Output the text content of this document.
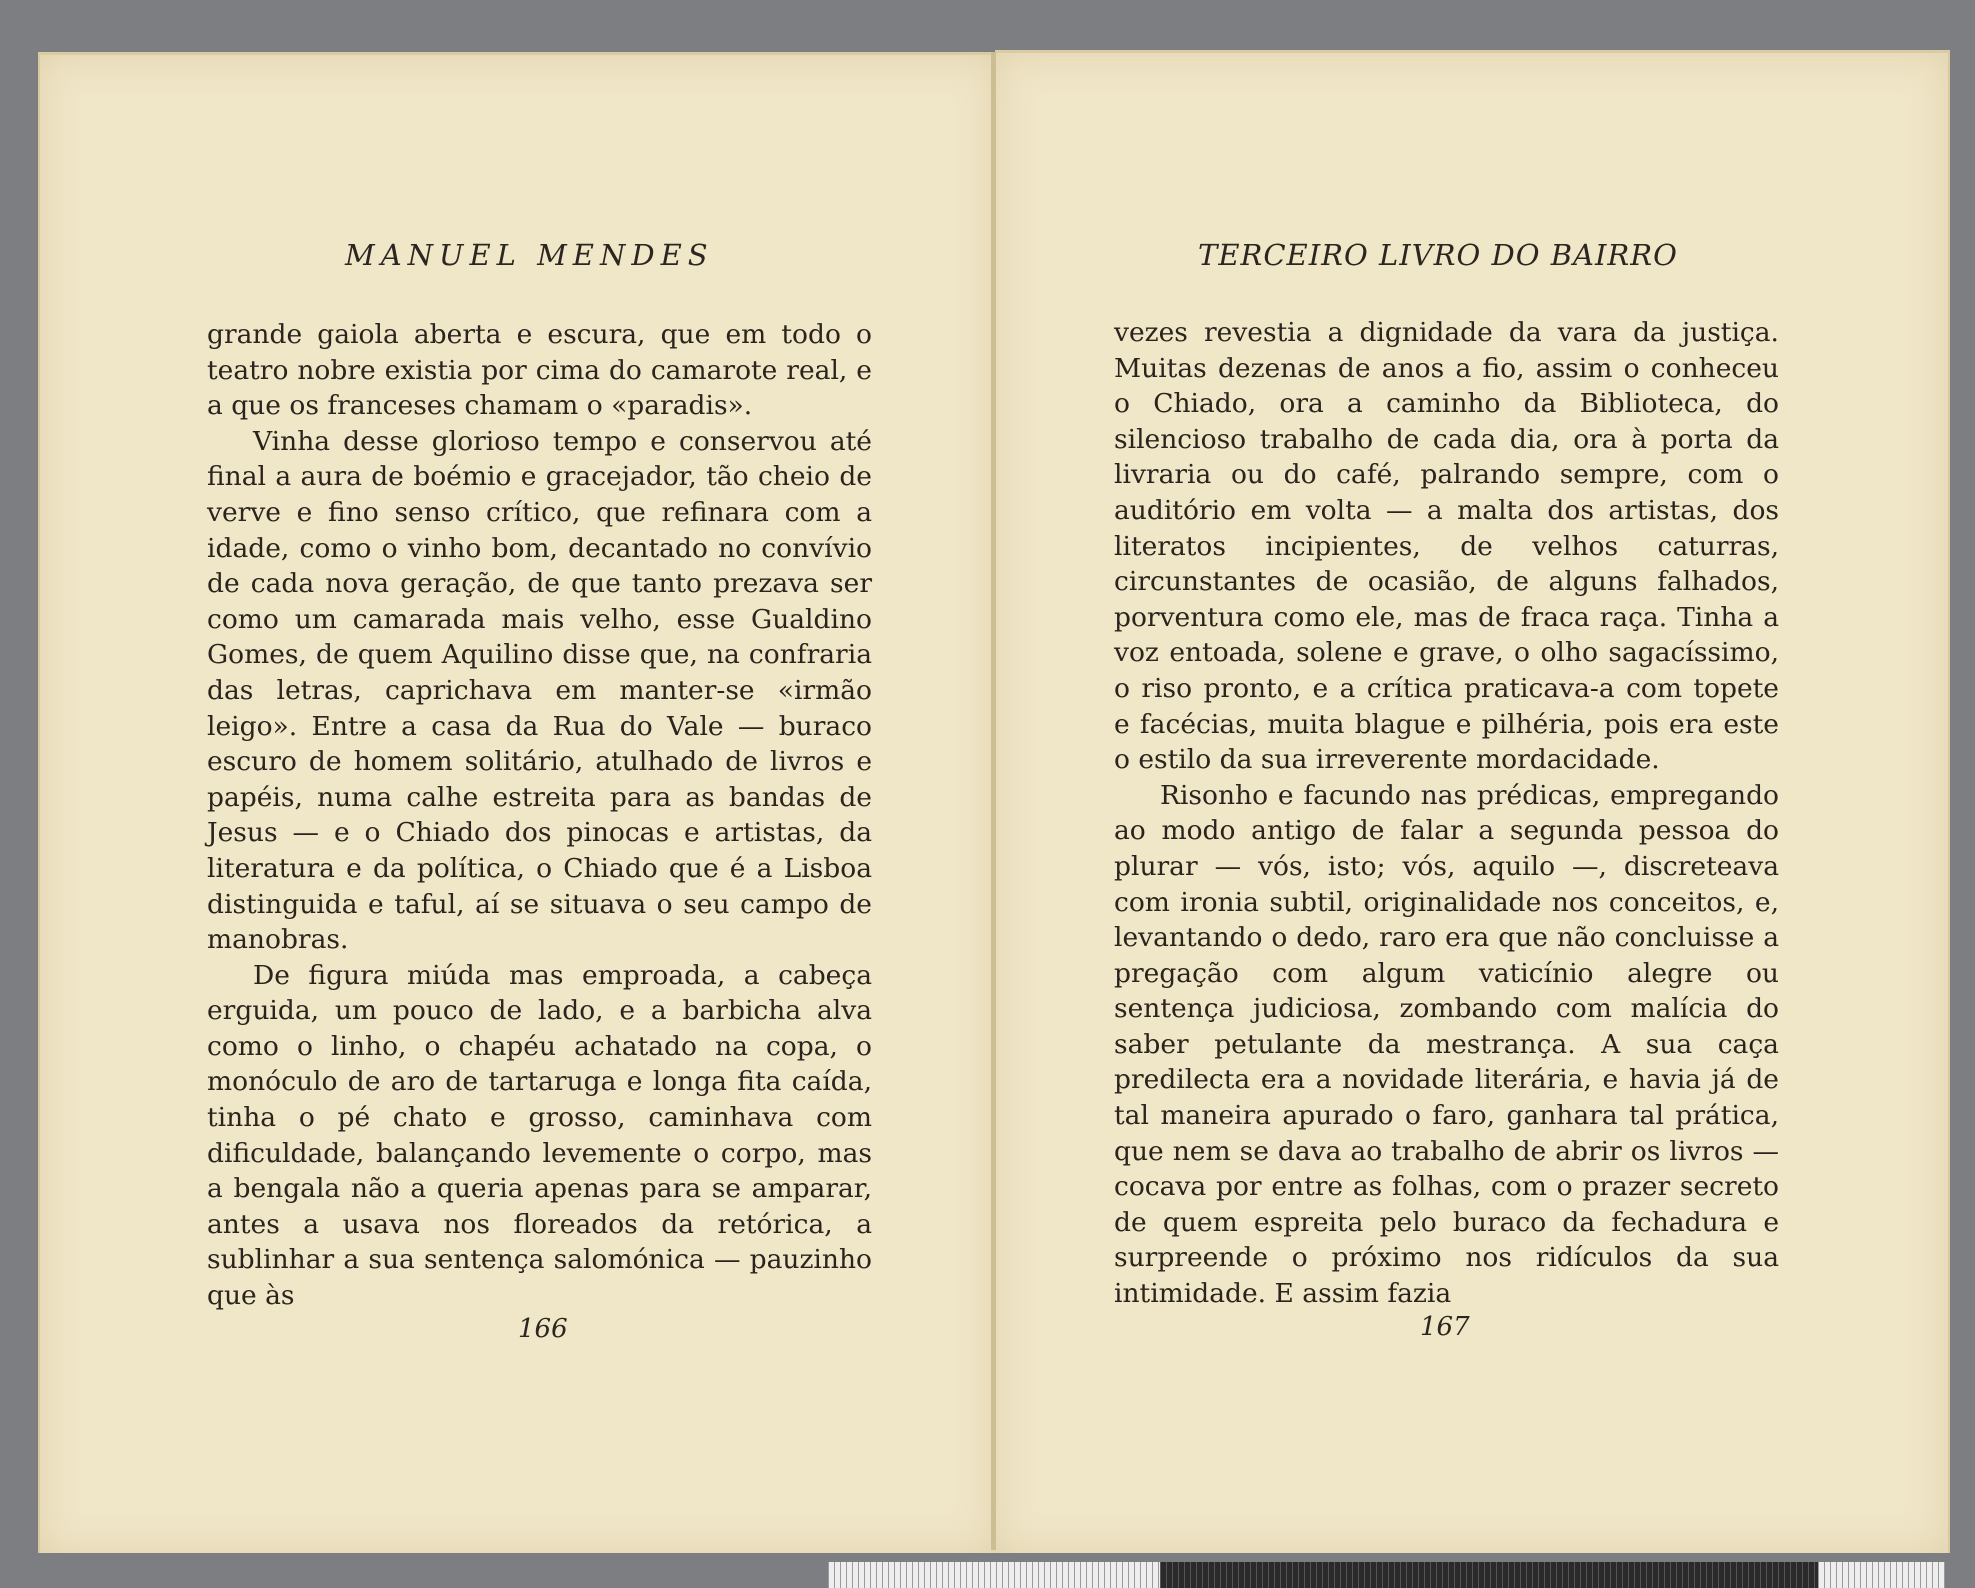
MANUEL MENDES	TERCEIRO LIVRO DO BAIRRO

grande gaiola aberta e escura, que em todo o teatro nobre existia por cima do camarote real, e a que os franceses chamam o «paradis».

Vinha desse glorioso tempo e conservou até final a aura de boémio e gracejador, tão cheio de verve e fino senso crítico, que refinara com a idade, como o vinho bom, decantado no convívio de cada nova geração, de que tanto prezava ser como um camarada mais velho, esse Gualdino Gomes, de quem Aquilino disse que, na confraria das letras, caprichava em manter-se «irmão leigo». Entre a casa da Rua do Vale — buraco escuro de homem solitário, atulhado de livros e papéis, numa calhe estreita para as bandas de Jesus — e o Chiado dos pinocas e artistas, da literatura e da política, o Chiado que é a Lisboa distinguida e taful, aí se situava o seu campo de manobras.

De figura miúda mas emproada, a cabeça erguida, um pouco de lado, e a barbicha alva como o linho, o chapéu achatado na copa, o monóculo de aro de tartaruga e longa fita caída, tinha o pé chato e grosso, caminhava com dificuldade, balançando levemente o corpo, mas a bengala não a queria apenas para se amparar, antes a usava nos floreados da retórica, a sublinhar a sua sentença salomónica — pauzinho que às

vezes revestia a dignidade da vara da justiça. Muitas dezenas de anos a fio, assim o conheceu o Chiado, ora a caminho da Biblioteca, do silencioso trabalho de cada dia, ora à porta da livraria ou do café, palrando sempre, com o auditório em volta — a malta dos artistas, dos literatos incipientes, de velhos caturras, circunstantes de ocasião, de alguns falhados, porventura como ele, mas de fraca raça. Tinha a voz entoada, solene e grave, o olho sagacíssimo, o riso pronto, e a crítica praticava-a com topete e facécias, muita blague e pilhéria, pois era este o estilo da sua irreverente mordacidade.

Risonho e facundo nas prédicas, empregando ao modo antigo de falar a segunda pessoa do plurar — vós, isto; vós, aquilo —, discreteava com ironia subtil, originalidade nos conceitos, e, levantando o dedo, raro era que não concluisse a pregação com algum vaticínio alegre ou sentença judiciosa, zombando com malícia do saber petulante da mestrança. A sua caça predilecta era a novidade literária, e havia já de tal maneira apurado o faro, ganhara tal prática, que nem se dava ao trabalho de abrir os livros — cocava por entre as folhas, com o prazer secreto de quem espreita pelo buraco da fechadura e surpreende o próximo nos ridículos da sua intimidade. E assim fazia

166	167
